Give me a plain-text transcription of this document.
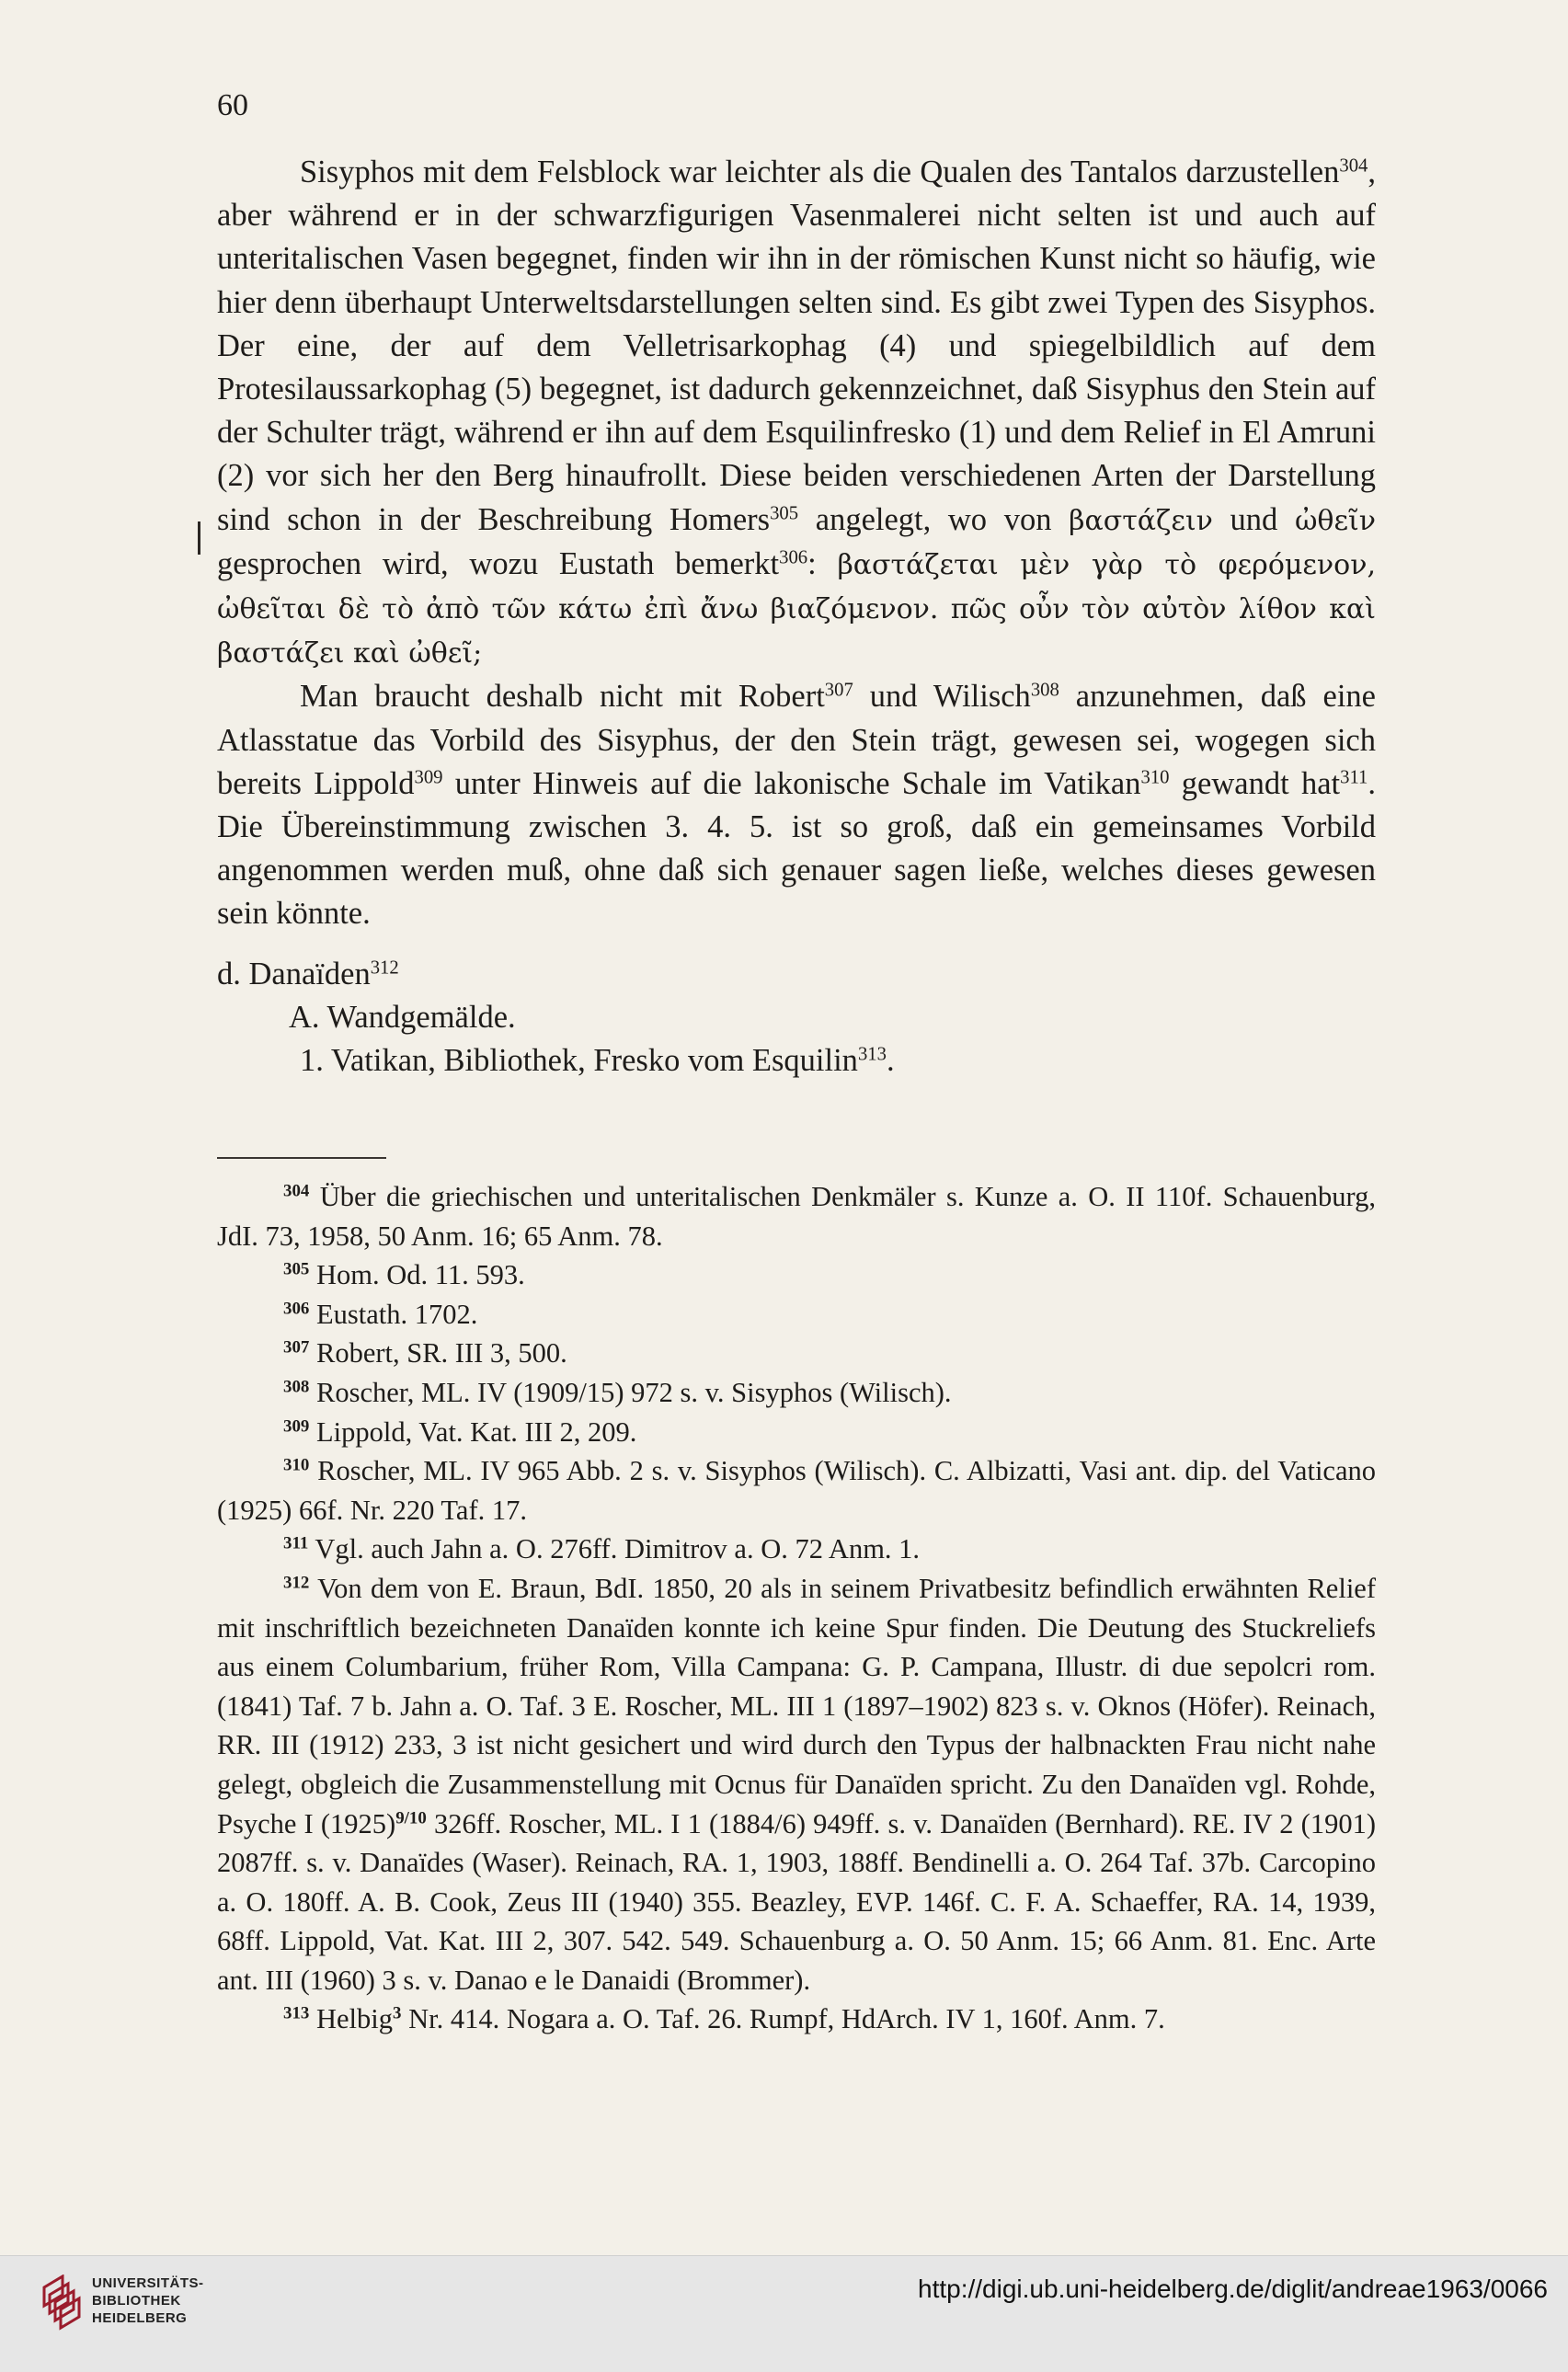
60

Sisyphos mit dem Felsblock war leichter als die Qualen des Tantalos darzustellen$^{304}$, aber während er in der schwarzfigurigen Vasenmalerei nicht selten ist und auch auf unteritalischen Vasen begegnet, finden wir ihn in der römischen Kunst nicht so häufig, wie hier denn überhaupt Unterweltsdarstellungen selten sind. Es gibt zwei Typen des Sisyphos. Der eine, der auf dem Velletrisarkophag (4) und spiegelbildlich auf dem Protesilaussarkophag (5) begegnet, ist dadurch gekennzeichnet, daß Sisyphus den Stein auf der Schulter trägt, während er ihn auf dem Esquilinfresko (1) und dem Relief in El Amruni (2) vor sich her den Berg hinaufrollt. Diese beiden verschiedenen Arten der Darstellung sind schon in der Beschreibung Homers$^{305}$ angelegt, wo von βαστάζειν und ὠθεῖν gesprochen wird, wozu Eustath bemerkt$^{306}$: βαστάζεται μὲν γὰρ τὸ φερόμενον, ὠθεῖται δὲ τὸ ἀπὸ τῶν κάτω ἐπὶ ἄνω βιαζόμενον. πῶς οὖν τὸν αὐτὸν λίθον καὶ βαστάζει καὶ ὠθεῖ;

Man braucht deshalb nicht mit Robert$^{307}$ und Wilisch$^{308}$ anzunehmen, daß eine Atlasstatue das Vorbild des Sisyphus, der den Stein trägt, gewesen sei, wogegen sich bereits Lippold$^{309}$ unter Hinweis auf die lakonische Schale im Vatikan$^{310}$ gewandt hat$^{311}$. Die Übereinstimmung zwischen 3. 4. 5. ist so groß, daß ein gemeinsames Vorbild angenommen werden muß, ohne daß sich genauer sagen ließe, welches dieses gewesen sein könnte.

d. Danaïden$^{312}$

A. Wandgemälde.

1. Vatikan, Bibliothek, Fresko vom Esquilin$^{313}$.

$^{304}$ Über die griechischen und unteritalischen Denkmäler s. Kunze a. O. II 110f. Schauenburg, JdI. 73, 1958, 50 Anm. 16; 65 Anm. 78.

$^{305}$ Hom. Od. 11. 593.

$^{306}$ Eustath. 1702.

$^{307}$ Robert, SR. III 3, 500.

$^{308}$ Roscher, ML. IV (1909/15) 972 s. v. Sisyphos (Wilisch).

$^{309}$ Lippold, Vat. Kat. III 2, 209.

$^{310}$ Roscher, ML. IV 965 Abb. 2 s. v. Sisyphos (Wilisch). C. Albizatti, Vasi ant. dip. del Vaticano (1925) 66f. Nr. 220 Taf. 17.

$^{311}$ Vgl. auch Jahn a. O. 276ff. Dimitrov a. O. 72 Anm. 1.

$^{312}$ Von dem von E. Braun, BdI. 1850, 20 als in seinem Privatbesitz befindlich erwähnten Relief mit inschriftlich bezeichneten Danaïden konnte ich keine Spur finden. Die Deutung des Stuckreliefs aus einem Columbarium, früher Rom, Villa Campana: G. P. Campana, Illustr. di due sepolcri rom. (1841) Taf. 7 b. Jahn a. O. Taf. 3 E. Roscher, ML. III 1 (1897–1902) 823 s. v. Oknos (Höfer). Reinach, RR. III (1912) 233, 3 ist nicht gesichert und wird durch den Typus der halbnackten Frau nicht nahe gelegt, obgleich die Zusammenstellung mit Ocnus für Danaïden spricht. Zu den Danaïden vgl. Rohde, Psyche I $(1925)^{9/10}$ 326ff. Roscher, ML. I 1 (1884/6) 949ff. s. v. Danaïden (Bernhard). RE. IV 2 (1901) 2087ff. s. v. Danaïdes (Waser). Reinach, RA. 1, 1903, 188ff. Bendinelli a. O. 264 Taf. 37b. Carcopino a. O. 180ff. A. B. Cook, Zeus III (1940) 355. Beazley, EVP. 146f. C. F. A. Schaeffer, RA. 14, 1939, 68ff. Lippold, Vat. Kat. III 2, 307. 542. 549. Schauenburg a. O. 50 Anm. 15; 66 Anm. 81. Enc. Arte ant. III (1960) 3 s. v. Danao e le Danaidi (Brommer).

$^{313}$ Helbig$^3$ Nr. 414. Nogara a. O. Taf. 26. Rumpf, HdArch. IV 1, 160f. Anm. 7.

UNIVERSITÄTS-
BIBLIOTHEK
HEIDELBERG
http://digi.ub.uni-heidelberg.de/diglit/andreae1963/0066
